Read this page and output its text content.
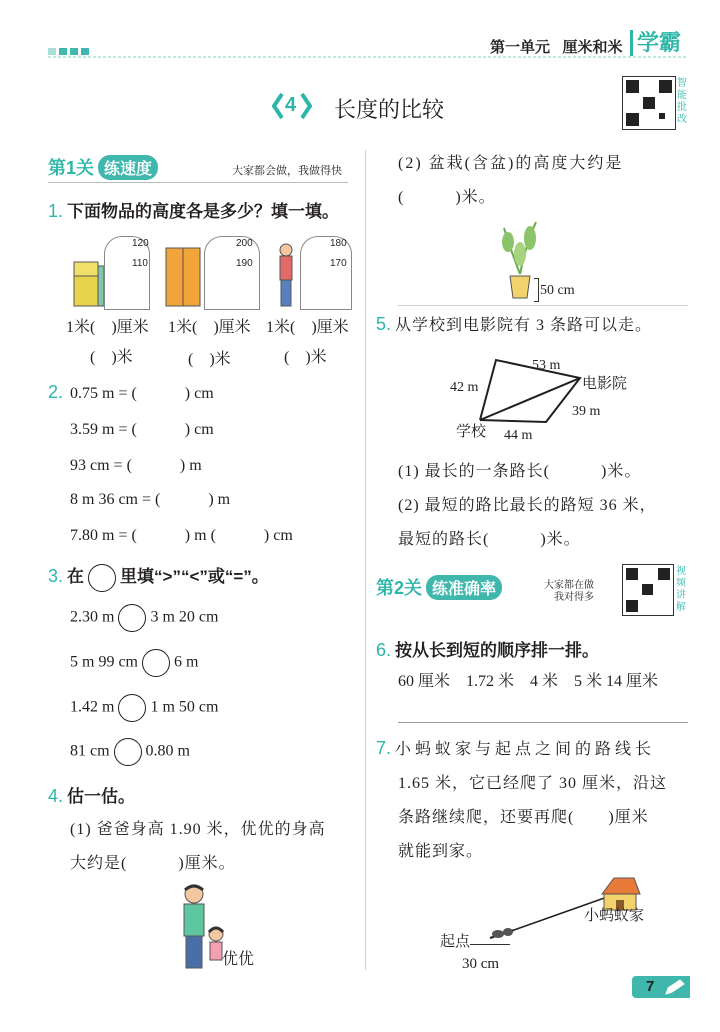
第一单元 厘米和米 学霸
4 长度的比较
智能批改
第1关 练速度	大家都会做，我做得快
1. 下面物品的高度各是多少？填一填。
120
110
200
190
180
170
1米(　)厘米 1米(　)厘米 1米(　)厘米
(　)米	(　)米	(　)米
2. 0.75 m = (　　　) cm
3.59 m = (　　　) cm
93 cm = (　　　) m
8 m 36 cm = (　　　) m
7.80 m = (　　　) m (　　　) cm
3. 在 里填“>”“<”或“=”。
2.30 m 3 m 20 cm
5 m 99 cm 6 m
1.42 m 1 m 50 cm
81 cm 0.80 m
4. 估一估。
(1) 爸爸身高 1.90 米，优优的身高
大约是(　　　)厘米。
优优
(2) 盆栽(含盆)的高度大约是
(　　　)米。
50 cm
5. 从学校到电影院有 3 条路可以走。
53 m
42 m	电影院
39 m
学校 44 m
(1) 最长的一条路长(　　　)米。
(2) 最短的路比最长的路短 36 米，
最短的路长(　　　)米。
第2关 练准确率	大家都在做
我对得多
视频讲解
6. 按从长到短的顺序排一排。
60 厘米　1.72 米　4 米　5 米 14 厘米
7. 小蚂蚁家与起点之间的路线长
1.65 米，它已经爬了 30 厘米，沿这
条路继续爬，还要再爬(　　)厘米
就能到家。
起点
30 cm
小蚂蚁家
7
